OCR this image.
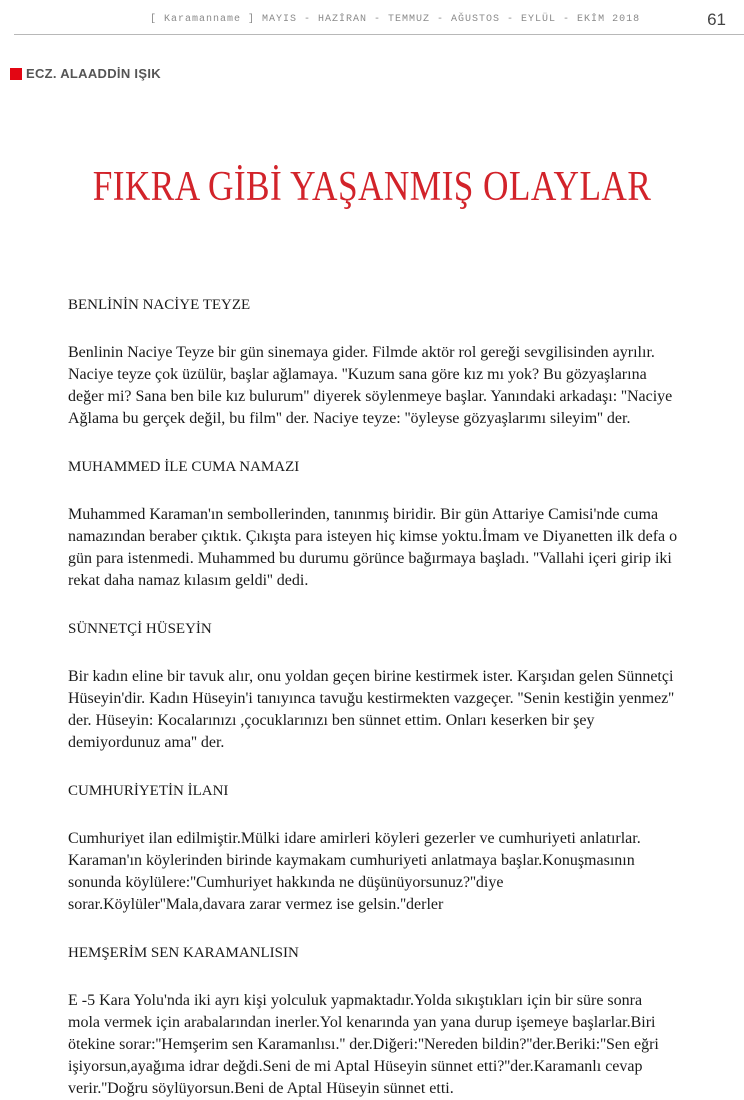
[ Karamanname ] MAYIS - HAZİRAN - TEMMUZ - AĞUSTOS - EYLÜL - EKİM 2018	61
ECZ. ALAADDİN IŞIK
FIKRA GİBİ YAŞANMIŞ OLAYLAR

BENLİNİN NACİYE TEYZE

Benlinin Naciye Teyze bir gün sinemaya gider. Filmde aktör rol gereği sevgilisinden ayrılır. Naciye teyze çok üzülür, başlar ağlamaya. ''Kuzum sana göre kız mı yok? Bu gözyaşlarına değer mi? Sana ben bile kız bulurum'' diyerek söylenmeye başlar. Yanındaki arkadaşı: ''Naciye Ağlama bu gerçek değil, bu film'' der. Naciye teyze: ''öyleyse gözyaşlarımı sileyim'' der.

MUHAMMED İLE CUMA NAMAZI

Muhammed Karaman'ın sembollerinden, tanınmış biridir. Bir gün Attariye Camisi'nde cuma namazından beraber çıktık. Çıkışta para isteyen hiç kimse yoktu.İmam ve Diyanetten ilk defa o gün para istenmedi. Muhammed bu durumu görünce bağırmaya başladı. ''Vallahi içeri girip iki rekat daha namaz kılasım geldi'' dedi.

SÜNNETÇİ HÜSEYİN

Bir kadın eline bir tavuk alır, onu yoldan geçen birine kestirmek ister. Karşıdan gelen Sünnetçi Hüseyin'dir. Kadın Hüseyin'i tanıyınca tavuğu kestirmekten vazgeçer. ''Senin kestiğin yenmez'' der. Hüseyin: Kocalarınızı ,çocuklarınızı ben sünnet ettim. Onları keserken bir şey demiyordunuz ama'' der.

CUMHURİYETİN İLANI

Cumhuriyet ilan edilmiştir.Mülki idare amirleri köyleri gezerler ve cumhuriyeti anlatırlar. Karaman'ın köylerinden birinde kaymakam cumhuriyeti anlatmaya başlar.Konuşmasının sonunda köylülere:''Cumhuriyet hakkında ne düşünüyorsunuz?''diye sorar.Köylüler''Mala,davara zarar vermez ise gelsin.''derler

HEMŞERİM SEN KARAMANLISIN

E -5 Kara Yolu'nda iki ayrı kişi yolculuk yapmaktadır.Yolda sıkıştıkları için bir süre sonra mola vermek için arabalarından inerler.Yol kenarında yan yana durup işemeye başlarlar.Biri ötekine sorar:''Hemşerim sen Karamanlısı.'' der.Diğeri:''Nereden bildin?''der.Beriki:''Sen eğri işiyorsun,ayağıma idrar değdi.Seni de mi Aptal Hüseyin sünnet etti?''der.Karamanlı cevap verir.''Doğru söylüyorsun.Beni de Aptal Hüseyin sünnet etti.
